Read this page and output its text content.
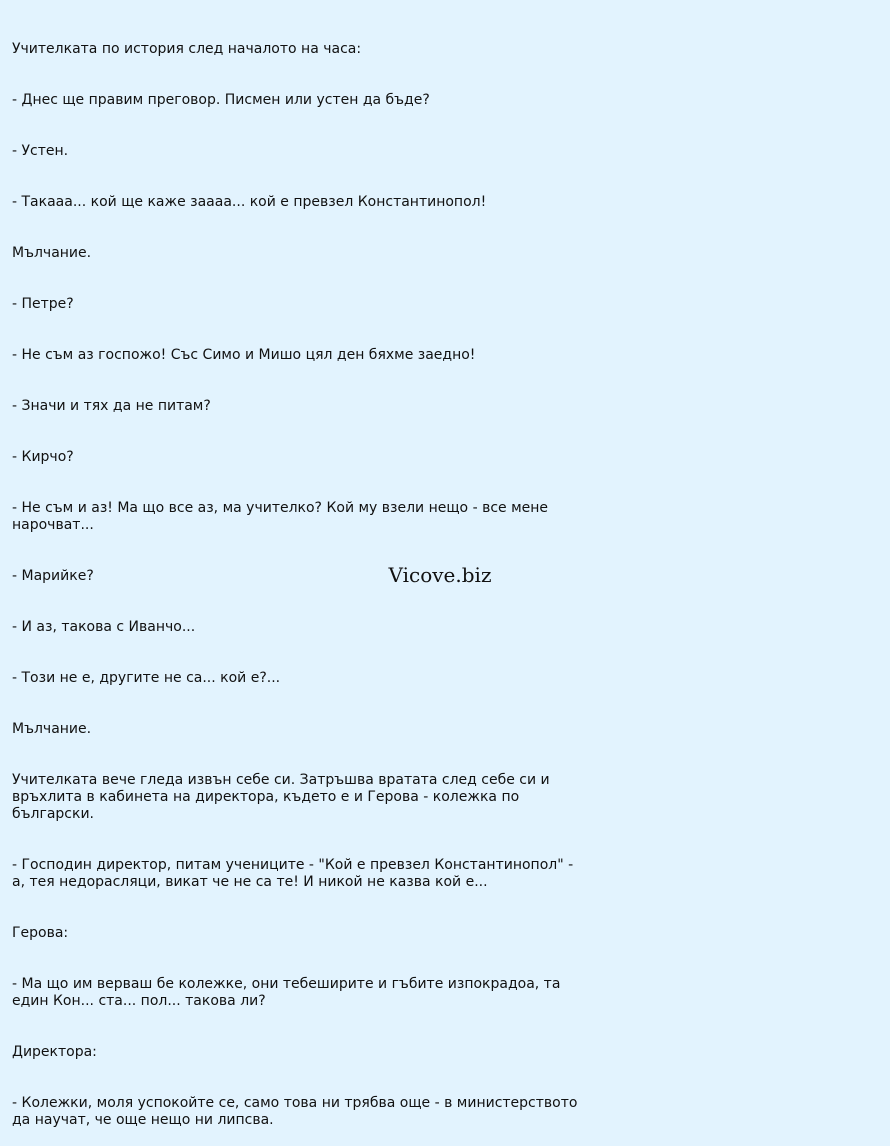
Учителката по история след началото на часа:

- Днес ще правим преговор. Писмен или устен да бъде?

- Устен.

- Такааа... кой ще каже заааа... кой е превзел Константинопол!

Мълчание.

- Петре?

- Не съм аз госпожо! Със Симо и Мишо цял ден бяхме заедно!

- Значи и тях да не питам?

- Кирчо?

- Не съм и аз! Ма що все аз, ма учителко? Кой му взели нещо - все мене нарочват...

- Марийке?

- И аз, такова с Иванчо...

- Този не е, другите не са... кой е?...

Мълчание.

Учителката вече гледа извън себе си. Затръшва вратата след себе си и връхлита в кабинета на директора, където е и Герова - колежка по български.

- Господин директор, питам учениците - "Кой е превзел Константинопол" - а, тея недорасляци, викат че не са те! И никой не казва кой е...

Герова:

- Ма що им верваш бе колежке, они тебеширите и гъбите изпокрадоа, та един Кон... ста... пол... такова ли?

Директора:

- Колежки, моля успокойте се, само това ни трябва още - в министерството да научат, че още нещо ни липсва.

Vicove.biz
